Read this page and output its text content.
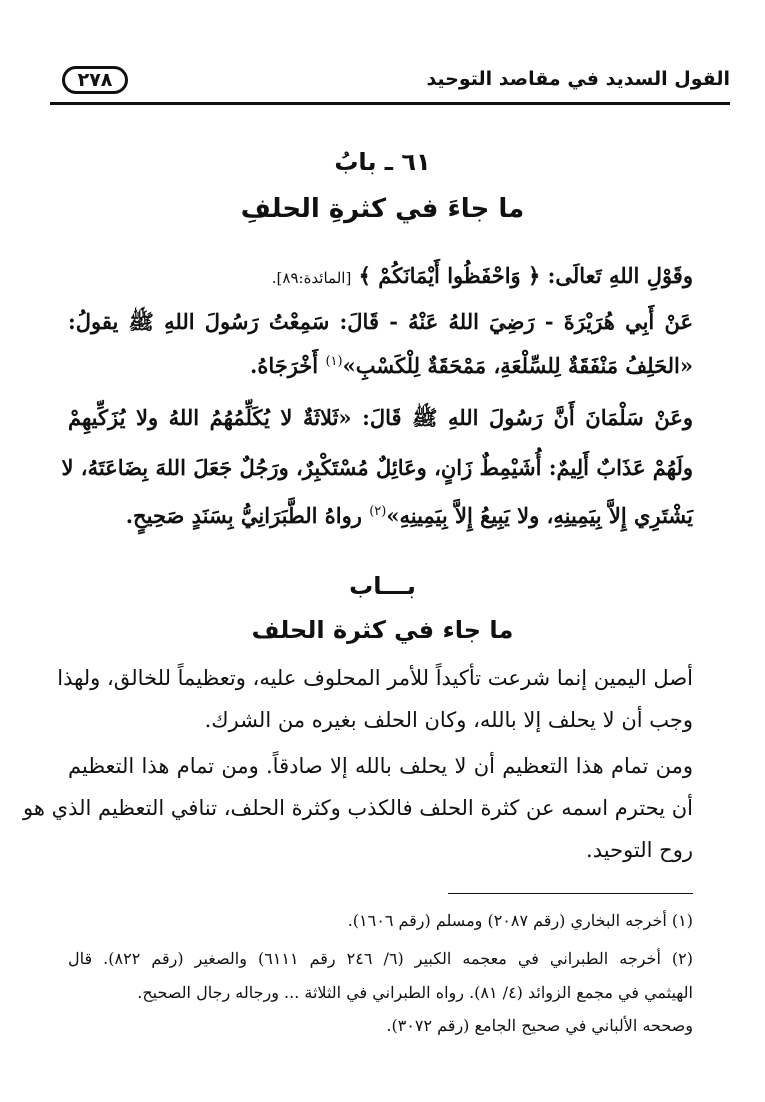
القول السديد في مقاصد التوحيد
٢٧٨
٦١ ـ بابُ
ما جاءَ في كثرةِ الحلفِ
وقَوْلِ اللهِ تَعالَى: ﴿ وَاحْفَظُوا أَيْمَانَكُمْ ﴾ [المائدة:٨٩].
عَنْ أَبِي هُرَيْرَةَ - رَضِيَ اللهُ عَنْهُ - قَالَ: سَمِعْتُ رَسُولَ اللهِ ﷺ يقولُ:
«الحَلِفُ مَنْفَقَةٌ لِلسِّلْعَةِ، مَمْحَقَةٌ لِلْكَسْبِ»$^{(١)}$ أَخْرَجَاهُ.
وعَنْ سَلْمَانَ أَنَّ رَسُولَ اللهِ ﷺ قَالَ: «ثَلاثَةٌ لا يُكَلِّمُهُمُ اللهُ ولا يُزَكِّيهِمْ
ولَهُمْ عَذَابٌ أَلِيمٌ: أُشَيْمِطٌ زَانٍ، وعَائِلٌ مُسْتَكْبِرٌ، ورَجُلٌ جَعَلَ اللهَ بِضَاعَتَهُ، لا
يَشْتَرِي إِلاَّ بِيَمِينِهِ، ولا يَبِيعُ إِلاَّ بِيَمِينِهِ»$^{(٢)}$ رواهُ الطَّبَرَانِيُّ بِسَنَدٍ صَحِيحٍ.
بـــاب
ما جاء في كثرة الحلف
أصل اليمين إنما شرعت تأكيداً للأمر المحلوف عليه، وتعظيماً للخالق، ولهذا
وجب أن لا يحلف إلا بالله، وكان الحلف بغيره من الشرك.
ومن تمام هذا التعظيم أن لا يحلف بالله إلا صادقاً. ومن تمام هذا التعظيم
أن يحترم اسمه عن كثرة الحلف فالكذب وكثرة الحلف، تنافي التعظيم الذي هو
روح التوحيد.
(١) أخرجه البخاري (رقم ٢٠٨٧) ومسلم (رقم ١٦٠٦).
(٢) أخرجه الطبراني في معجمه الكبير (٦/ ٢٤٦ رقم ٦١١١) والصغير (رقم ٨٢٢). قال
الهيثمي في مجمع الزوائد (٤/ ٨١). رواه الطبراني في الثلاثة ... ورجاله رجال الصحيح.
وصححه الألباني في صحيح الجامع (رقم ٣٠٧٢).
